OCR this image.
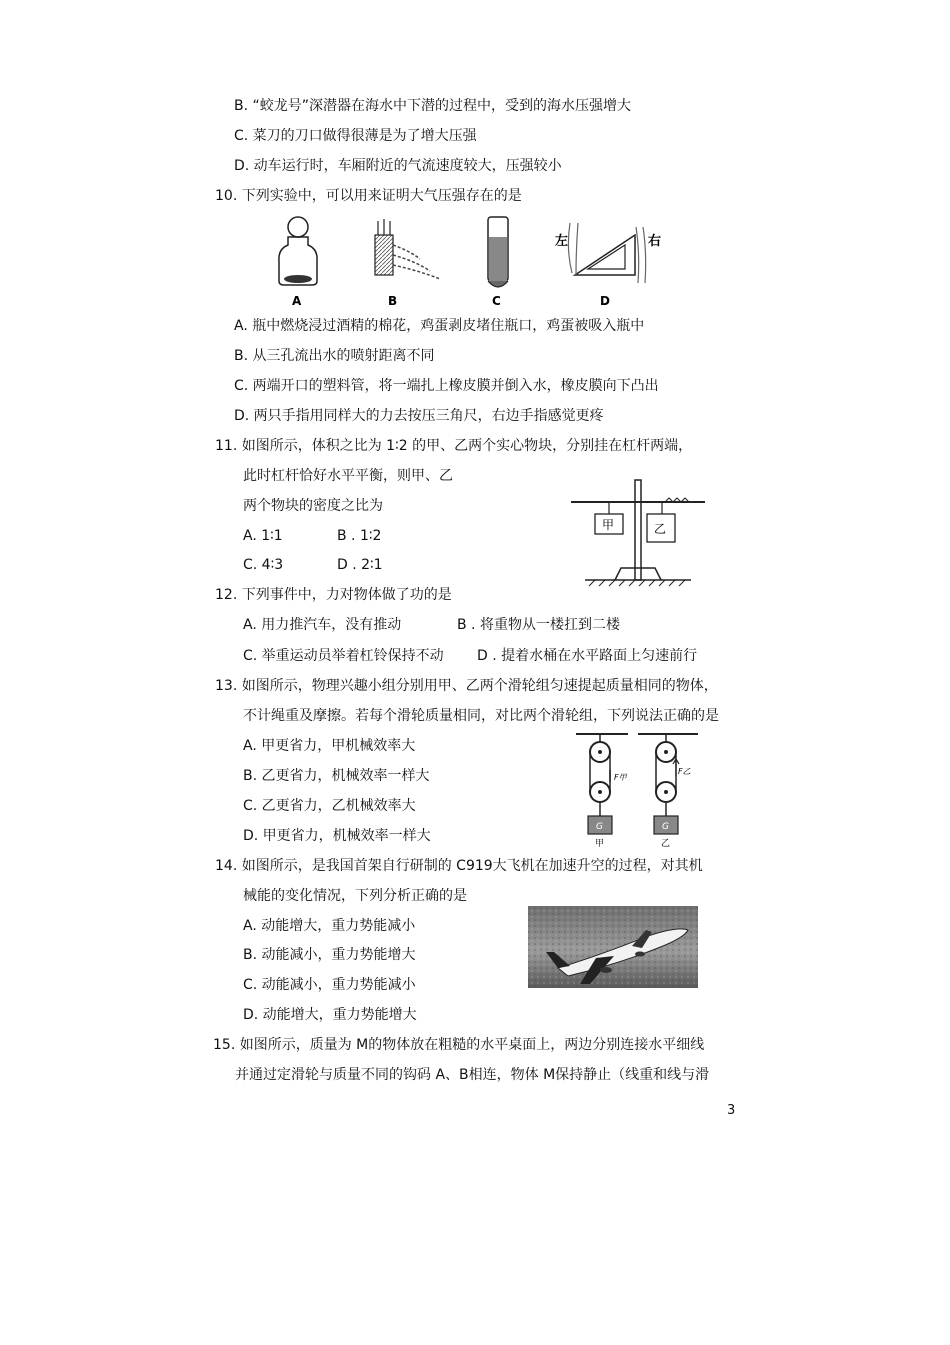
B. “蛟龙号”深潜器在海水中下潜的过程中，受到的海水压强增大
C. 菜刀的刀口做得很薄是为了增大压强
D. 动车运行时，车厢附近的气流速度较大，压强较小
10. 下列实验中，可以用来证明大气压强存在的是
A	B	C
左	右
D
A. 瓶中燃烧浸过酒精的棉花，鸡蛋剥皮堵住瓶口，鸡蛋被吸入瓶中
B. 从三孔流出水的喷射距离不同
C. 两端开口的塑料管，将一端扎上橡皮膜并倒入水，橡皮膜向下凸出
D. 两只手指用同样大的力去按压三角尺，右边手指感觉更疼
11. 如图所示，体积之比为 1∶2 的甲、乙两个实心物块，分别挂在杠杆两端，
此时杠杆恰好水平平衡，则甲、乙
两个物块的密度之比为
A. 1∶1	B . 1∶2
C. 4∶3	D . 2∶1
甲	乙
12. 下列事件中，力对物体做了功的是
A. 用力推汽车，没有推动	B . 将重物从一楼扛到二楼
C. 举重运动员举着杠铃保持不动 D . 提着水桶在水平路面上匀速前行
13. 如图所示，物理兴趣小组分别用甲、乙两个滑轮组匀速提起质量相同的物体，
不计绳重及摩擦。若每个滑轮质量相同，对比两个滑轮组，下列说法正确的是
A. 甲更省力，甲机械效率大
B. 乙更省力，机械效率一样大
C. 乙更省力，乙机械效率大
D. 甲更省力，机械效率一样大
G
F甲
甲
G
F乙
乙
14. 如图所示，是我国首架自行研制的 C919大飞机在加速升空的过程，对其机
械能的变化情况，下列分析正确的是
A. 动能增大，重力势能减小
B. 动能减小，重力势能增大
C. 动能减小，重力势能减小
D. 动能增大，重力势能增大
15. 如图所示，质量为 M的物体放在粗糙的水平桌面上，两边分别连接水平细线
并通过定滑轮与质量不同的钩码 A、B相连，物体 M保持静止（线重和线与滑
3
